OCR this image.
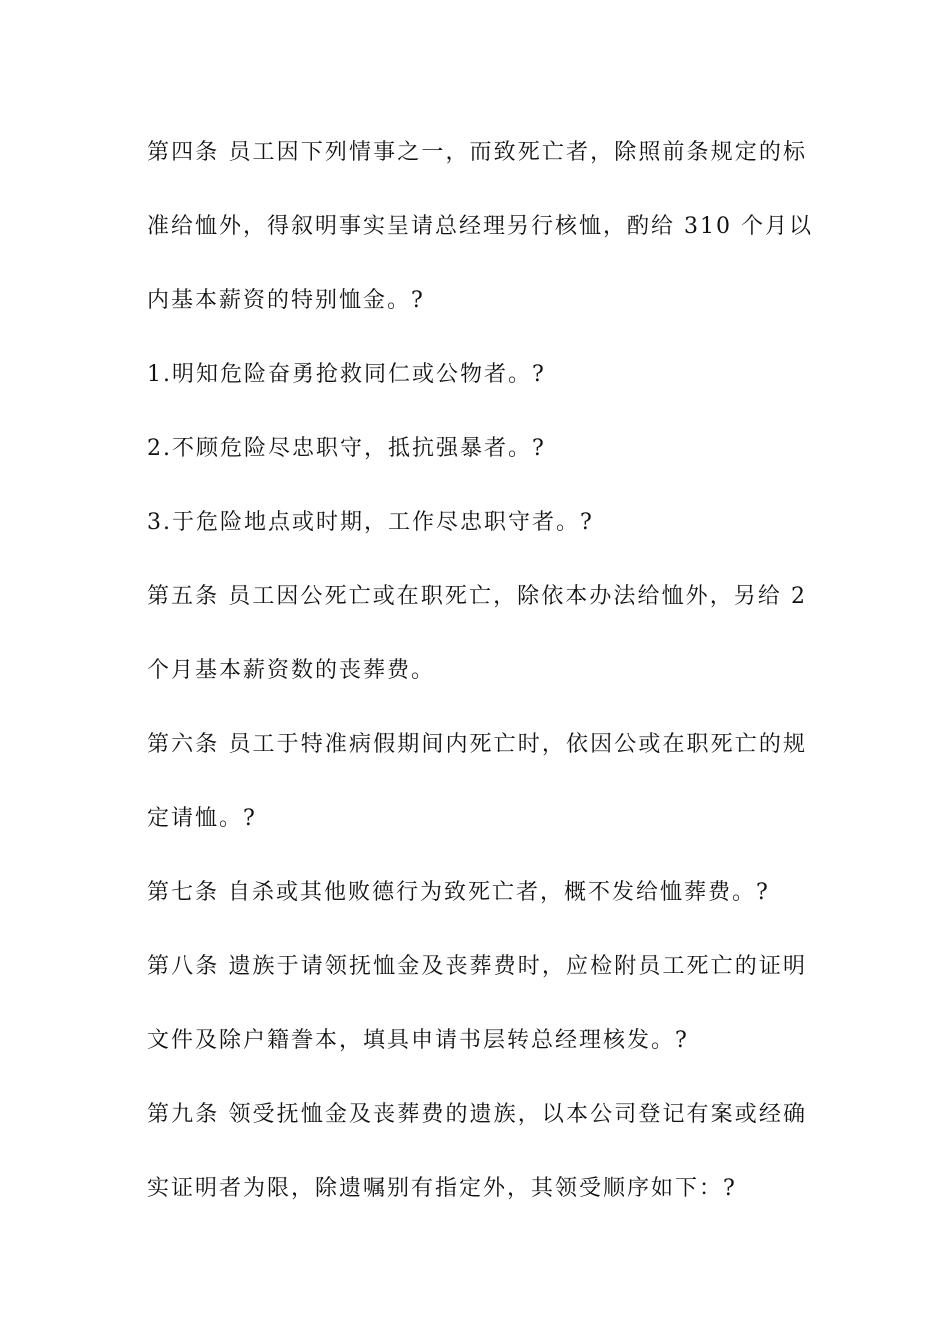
第四条 员工因下列情事之一，而致死亡者，除照前条规定的标
准给恤外，得叙明事实呈请总经理另行核恤，酌给 310 个月以
内基本薪资的特别恤金。?
1.明知危险奋勇抢救同仁或公物者。?
2.不顾危险尽忠职守，抵抗强暴者。?
3.于危险地点或时期，工作尽忠职守者。?
第五条 员工因公死亡或在职死亡，除依本办法给恤外，另给 2
个月基本薪资数的丧葬费。
第六条 员工于特准病假期间内死亡时，依因公或在职死亡的规
定请恤。?
第七条 自杀或其他败德行为致死亡者，概不发给恤葬费。?
第八条 遗族于请领抚恤金及丧葬费时，应检附员工死亡的证明
文件及除户籍誊本，填具申请书层转总经理核发。?
第九条 领受抚恤金及丧葬费的遗族，以本公司登记有案或经确
实证明者为限，除遗嘱别有指定外，其领受顺序如下：?
